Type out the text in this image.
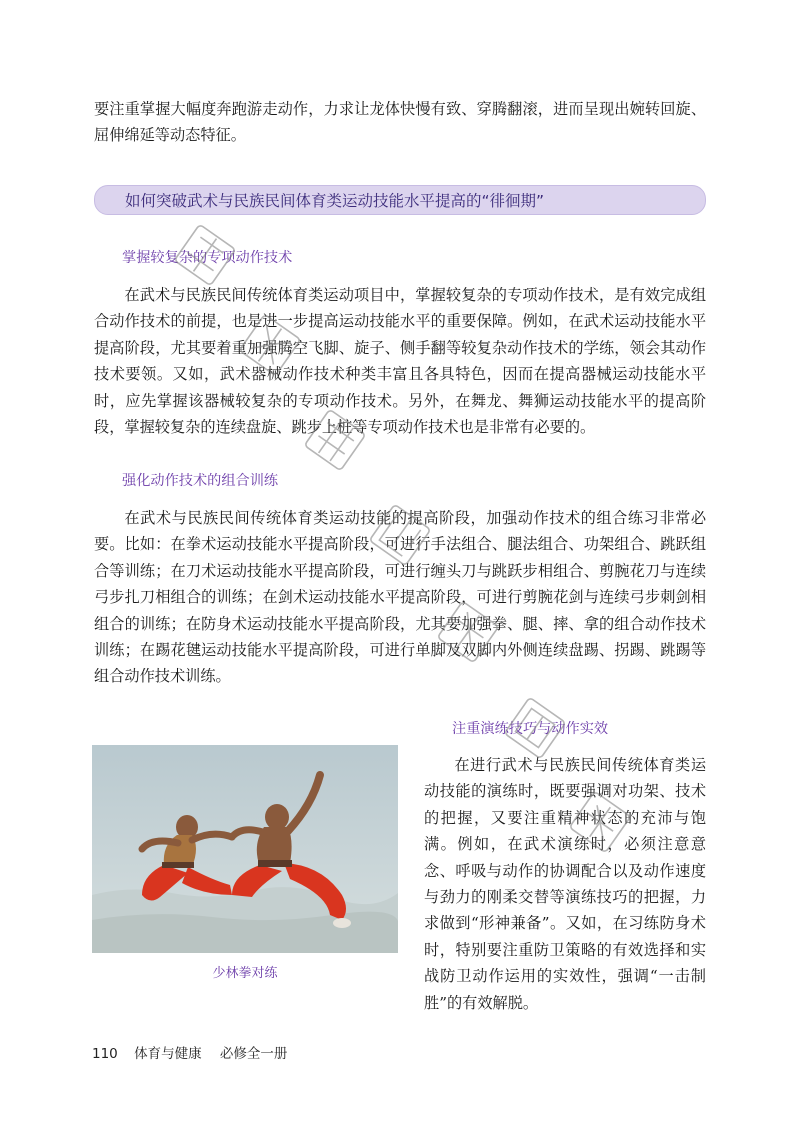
要注重掌握大幅度奔跑游走动作，力求让龙体快慢有致、穿腾翻滚，进而呈现出婉转回旋、屈伸绵延等动态特征。

如何突破武术与民族民间体育类运动技能水平提高的“徘徊期”
掌握较复杂的专项动作技术

在武术与民族民间传统体育类运动项目中，掌握较复杂的专项动作技术，是有效完成组合动作技术的前提，也是进一步提高运动技能水平的重要保障。例如，在武术运动技能水平提高阶段，尤其要着重加强腾空飞脚、旋子、侧手翻等较复杂动作技术的学练，领会其动作技术要领。又如，武术器械动作技术种类丰富且各具特色，因而在提高器械运动技能水平时，应先掌握该器械较复杂的专项动作技术。另外，在舞龙、舞狮运动技能水平的提高阶段，掌握较复杂的连续盘旋、跳步上桩等专项动作技术也是非常有必要的。

强化动作技术的组合训练

在武术与民族民间传统体育类运动技能的提高阶段，加强动作技术的组合练习非常必要。比如：在拳术运动技能水平提高阶段，可进行手法组合、腿法组合、功架组合、跳跃组合等训练；在刀术运动技能水平提高阶段，可进行缠头刀与跳跃步相组合、剪腕花刀与连续弓步扎刀相组合的训练；在剑术运动技能水平提高阶段，可进行剪腕花剑与连续弓步刺剑相组合的训练；在防身术运动技能水平提高阶段，尤其要加强拳、腿、摔、拿的组合动作技术训练；在踢花毽运动技能水平提高阶段，可进行单脚及双脚内外侧连续盘踢、拐踢、跳踢等组合动作技术训练。

注重演练技巧与动作实效
少林拳对练

在进行武术与民族民间传统体育类运动技能的演练时，既要强调对功架、技术的把握，又要注重精神状态的充沛与饱满。例如，在武术演练时，必须注意意念、呼吸与动作的协调配合以及动作速度与劲力的刚柔交替等演练技巧的把握，力求做到“形神兼备”。又如，在习练防身术时，特别要注重防卫策略的有效选择和实战防卫动作运用的实效性，强调“一击制胜”的有效解脱。

110 体育与健康 必修全一册
